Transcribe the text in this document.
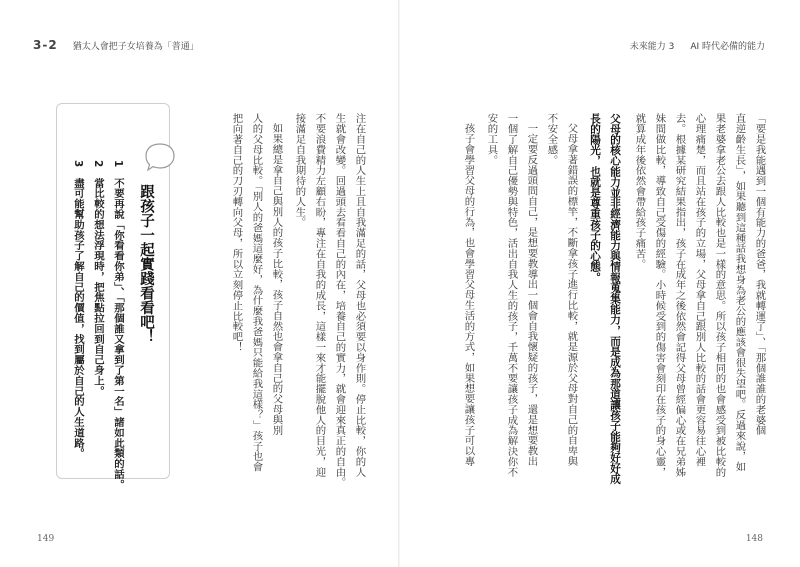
3-2 猶太人會把子女培養為「普通」
注在自己的人生上且自我滿足的話，父母也必須要以身作則。停止比較，你的人
生就會改變。回過頭去看看自己的內在，培養自己的實力，就會迎來真正的自由。
不要浪費精力左顧右盼，專注在自我的成長，這樣一來才能擺脫他人的目光，迎
接滿足自我期待的人生。
如果總是拿自己與別人的孩子比較，孩子自然也會拿自己的父母與別
人的父母比較。「別人的爸媽這麼好，為什麼我爸媽只能給我這樣？」孩子也會
把向著自己的刀刃轉向父母，所以立刻停止比較吧！
跟孩子一起實踐看看吧！
1　不要再說「你看看你弟」、「那個誰又拿到了第一名」諸如此類的話。
2　當比較的想法浮現時，把焦點拉回到自己身上。
3　盡可能幫助孩子了解自己的價值，找到屬於自己的人生道路。
149
未來能力 3 AI 時代必備的能力
「要是我能遇到一個有能力的爸爸，我就轉運了」、「那個誰誰的老婆個
直逆齡生長」，如果聽到這種話我想身為老公的應該會很失望吧。反過來說，如
果老婆拿老公去跟人比較也是一樣的意思。所以孩子相同的也會感受到被比較的
心理痛楚，而且站在孩子的立場，父母拿自己跟別人比較的話會更容易往心裡
去。根據某研究結果指出，孩子在成年之後依然會記得父母曾經偏心或在兄弟姊
妹間做比較，導致自己受傷的經驗。小時候受到的傷害會刻印在孩子的身心靈，
就算成年後依然會帶給孩子痛苦。
父母的核心能力並非經濟能力與情報蒐集能力，而是成為那道讓孩子能夠好好成
長的陽光，也就是尊重孩子的心態。
父母拿著錯誤的標竿，不斷拿孩子進行比較，就是源於父母對自己的自卑與
不安全感。
一定要反過頭問自己，是想要教導出一個會自我懷疑的孩子，還是想要教出
一個了解自己優勢與特色，活出自我人生的孩子，千萬不要讓孩子成為解決你不
安的工具。
孩子會學習父母的行為，也會學習父母生活的方式，如果想要讓孩子可以專
148
